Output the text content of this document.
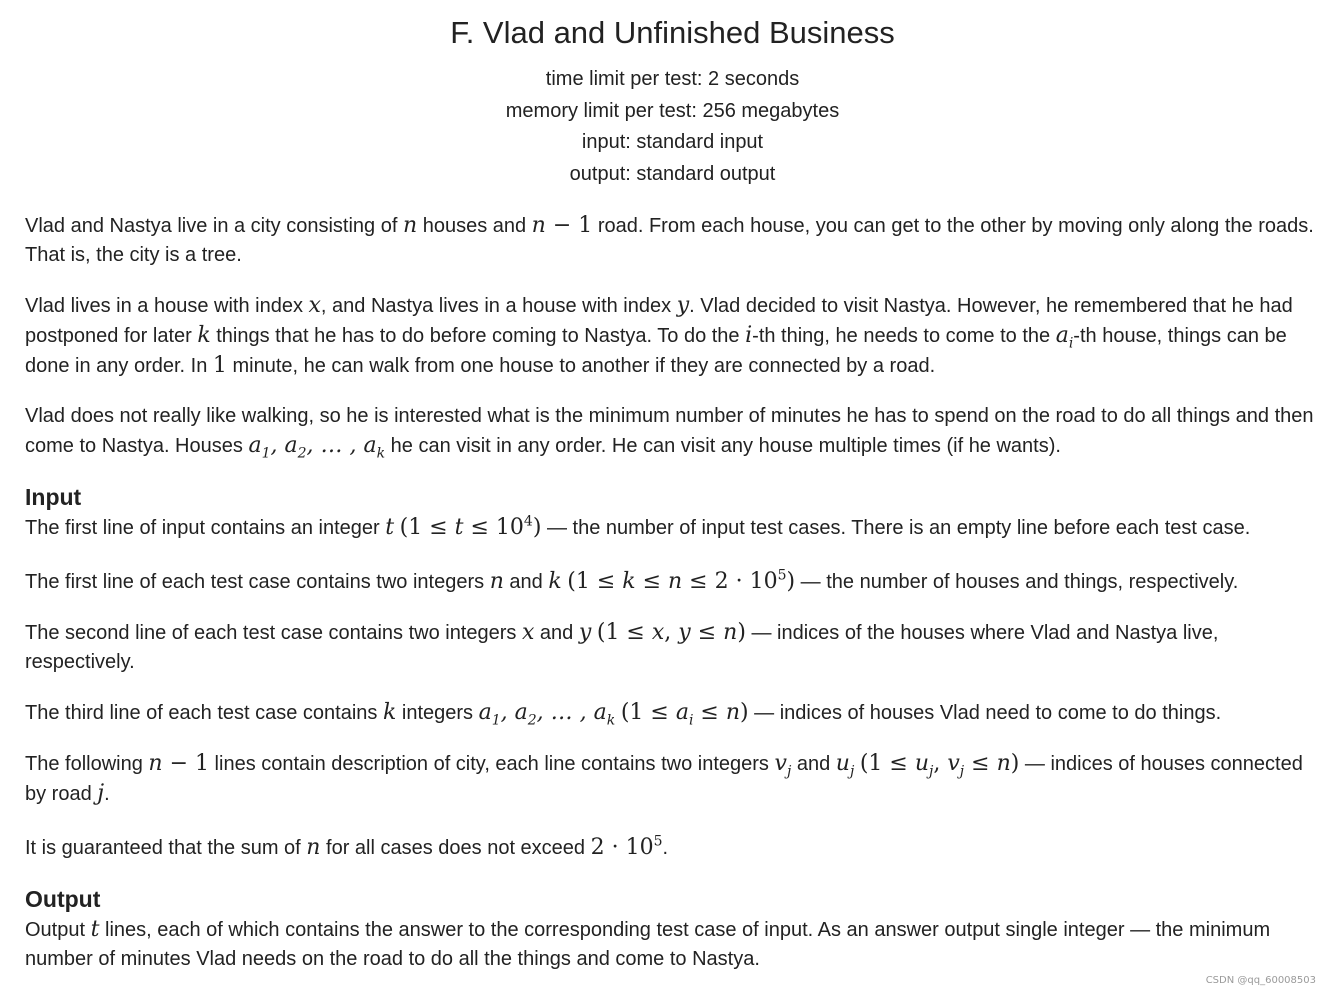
F. Vlad and Unfinished Business
time limit per test: 2 seconds
memory limit per test: 256 megabytes
input: standard input
output: standard output

Vlad and Nastya live in a city consisting of n houses and n − 1 road. From each house, you can get to the other by moving only along the roads. That is, the city is a tree.

Vlad lives in a house with index x, and Nastya lives in a house with index y. Vlad decided to visit Nastya. However, he remembered that he had postponed for later k things that he has to do before coming to Nastya. To do the i-th thing, he needs to come to the $a_i-th$ house, things can be done in any order. In 1 minute, he can walk from one house to another if they are connected by a road.

Vlad does not really like walking, so he is interested what is the minimum number of minutes he has to spend on the road to do all things and then come to Nastya. Houses $a_1$, $a_2$, … , $a_k$ he can visit in any order. He can visit any house multiple times (if he wants).

Input

The first line of input contains an integer t $(1 \le t \le 10^4)$ — the number of input test cases. There is an empty line before each test case.

The first line of each test case contains two integers n and k $(1 \le k \le n \le 2 \cdot 10^5)$ — the number of houses and things, respectively.

The second line of each test case contains two integers x and y (1 ≤ x, y ≤ n) — indices of the houses where Vlad and Nastya live, respectively.

The third line of each test case contains k integers $a_1$, $a_2$, … , $a_k$ $(1 \le a_i \le n)$ — indices of houses Vlad need to come to do things.

The following n − 1 lines contain description of city, each line contains two integers $v_j$ and $u_j$ ($1 \le u_j$, $v_j \le n$) — indices of houses connected by road j.

It is guaranteed that the sum of n for all cases does not exceed $2 \cdot 10^5$.

Output

Output t lines, each of which contains the answer to the corresponding test case of input. As an answer output single integer — the minimum number of minutes Vlad needs on the road to do all the things and come to Nastya.

CSDN @qq_60008503
